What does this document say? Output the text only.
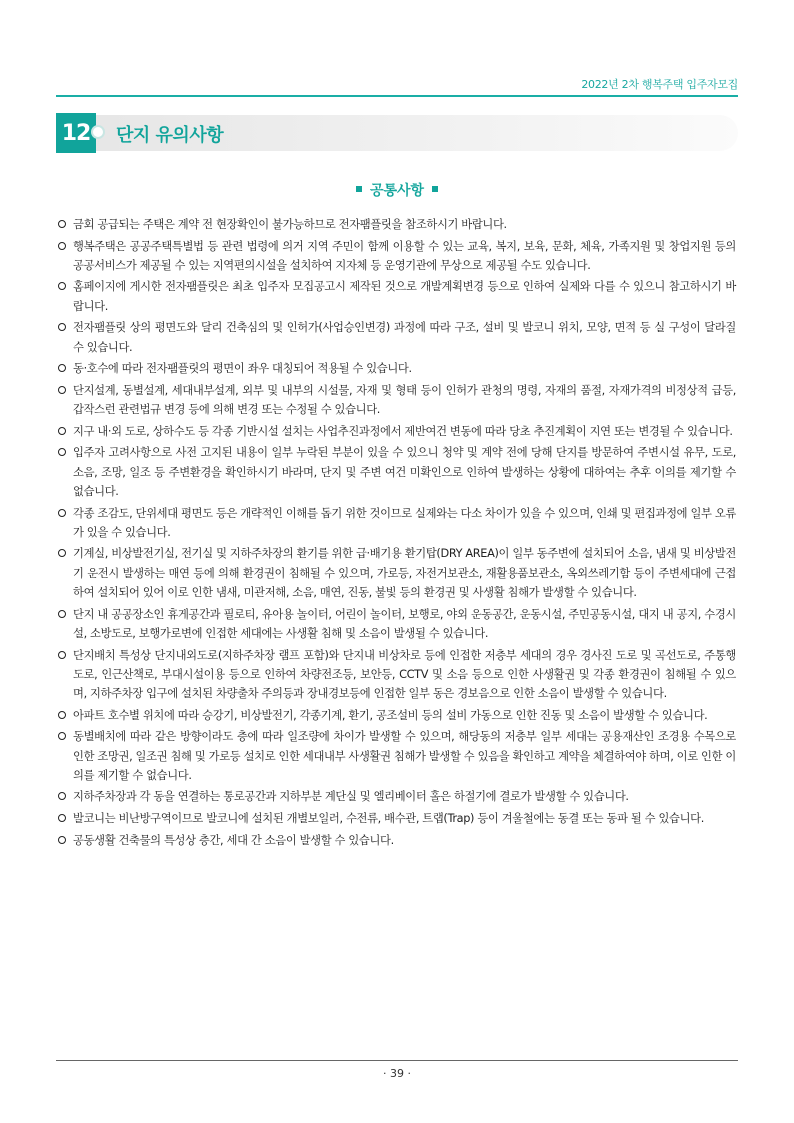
2022년 2차 행복주택 입주자모집
12	단지 유의사항
공통사항
금회 공급되는 주택은 계약 전 현장확인이 불가능하므로 전자팸플릿을 참조하시기 바랍니다.
행복주택은 공공주택특별법 등 관련 법령에 의거 지역 주민이 함께 이용할 수 있는 교육, 복지, 보육, 문화, 체육, 가족지원 및 창업지원 등의 공공서비스가 제공될 수 있는 지역편의시설을 설치하여 지자체 등 운영기관에 무상으로 제공될 수도 있습니다.
홈페이지에 게시한 전자팸플릿은 최초 입주자 모집공고시 제작된 것으로 개발계획변경 등으로 인하여 실제와 다를 수 있으니 참고하시기 바랍니다.
전자팸플릿 상의 평면도와 달리 건축심의 및 인허가(사업승인변경) 과정에 따라 구조, 설비 및 발코니 위치, 모양, 면적 등 실 구성이 달라질 수 있습니다.
동·호수에 따라 전자팸플릿의 평면이 좌우 대칭되어 적용될 수 있습니다.
단지설계, 동별설계, 세대내부설계, 외부 및 내부의 시설물, 자재 및 형태 등이 인허가 관청의 명령, 자재의 품절, 자재가격의 비정상적 급등, 갑작스런 관련법규 변경 등에 의해 변경 또는 수정될 수 있습니다.
지구 내·외 도로, 상하수도 등 각종 기반시설 설치는 사업추진과정에서 제반여건 변동에 따라 당초 추진계획이 지연 또는 변경될 수 있습니다.
입주자 고려사항으로 사전 고지된 내용이 일부 누락된 부분이 있을 수 있으니 청약 및 계약 전에 당해 단지를 방문하여 주변시설 유무, 도로, 소음, 조망, 일조 등 주변환경을 확인하시기 바라며, 단지 및 주변 여건 미확인으로 인하여 발생하는 상황에 대하여는 추후 이의를 제기할 수 없습니다.
각종 조감도, 단위세대 평면도 등은 개략적인 이해를 돕기 위한 것이므로 실제와는 다소 차이가 있을 수 있으며, 인쇄 및 편집과정에 일부 오류가 있을 수 있습니다.
기계실, 비상발전기실, 전기실 및 지하주차장의 환기를 위한 급·배기용 환기탑(DRY AREA)이 일부 동주변에 설치되어 소음, 냄새 및 비상발전기 운전시 발생하는 매연 등에 의해 환경권이 침해될 수 있으며, 가로등, 자전거보관소, 재활용품보관소, 옥외쓰레기함 등이 주변세대에 근접하여 설치되어 있어 이로 인한 냄새, 미관저해, 소음, 매연, 진동, 불빛 등의 환경권 및 사생활 침해가 발생할 수 있습니다.
단지 내 공공장소인 휴게공간과 필로티, 유아용 놀이터, 어린이 놀이터, 보행로, 야외 운동공간, 운동시설, 주민공동시설, 대지 내 공지, 수경시설, 소방도로, 보행가로변에 인접한 세대에는 사생활 침해 및 소음이 발생될 수 있습니다.
단지배치 특성상 단지내외도로(지하주차장 램프 포함)와 단지내 비상차로 등에 인접한 저층부 세대의 경우 경사진 도로 및 곡선도로, 주통행도로, 인근산책로, 부대시설이용 등으로 인하여 차량전조등, 보안등, CCTV 및 소음 등으로 인한 사생활권 및 각종 환경권이 침해될 수 있으며, 지하주차장 입구에 설치된 차량출차 주의등과 장내경보등에 인접한 일부 동은 경보음으로 인한 소음이 발생할 수 있습니다.
아파트 호수별 위치에 따라 승강기, 비상발전기, 각종기계, 환기, 공조설비 등의 설비 가동으로 인한 진동 및 소음이 발생할 수 있습니다.
동별배치에 따라 같은 방향이라도 층에 따라 일조량에 차이가 발생할 수 있으며, 해당동의 저층부 일부 세대는 공용재산인 조경용 수목으로 인한 조망권, 일조권 침해 및 가로등 설치로 인한 세대내부 사생활권 침해가 발생할 수 있음을 확인하고 계약을 체결하여야 하며, 이로 인한 이의를 제기할 수 없습니다.
지하주차장과 각 동을 연결하는 통로공간과 지하부분 계단실 및 엘리베이터 홀은 하절기에 결로가 발생할 수 있습니다.
발코니는 비난방구역이므로 발코니에 설치된 개별보일러, 수전류, 배수관, 트랩(Trap) 등이 겨울철에는 동결 또는 동파 될 수 있습니다.
공동생활 건축물의 특성상 층간, 세대 간 소음이 발생할 수 있습니다.
· 39 ·
